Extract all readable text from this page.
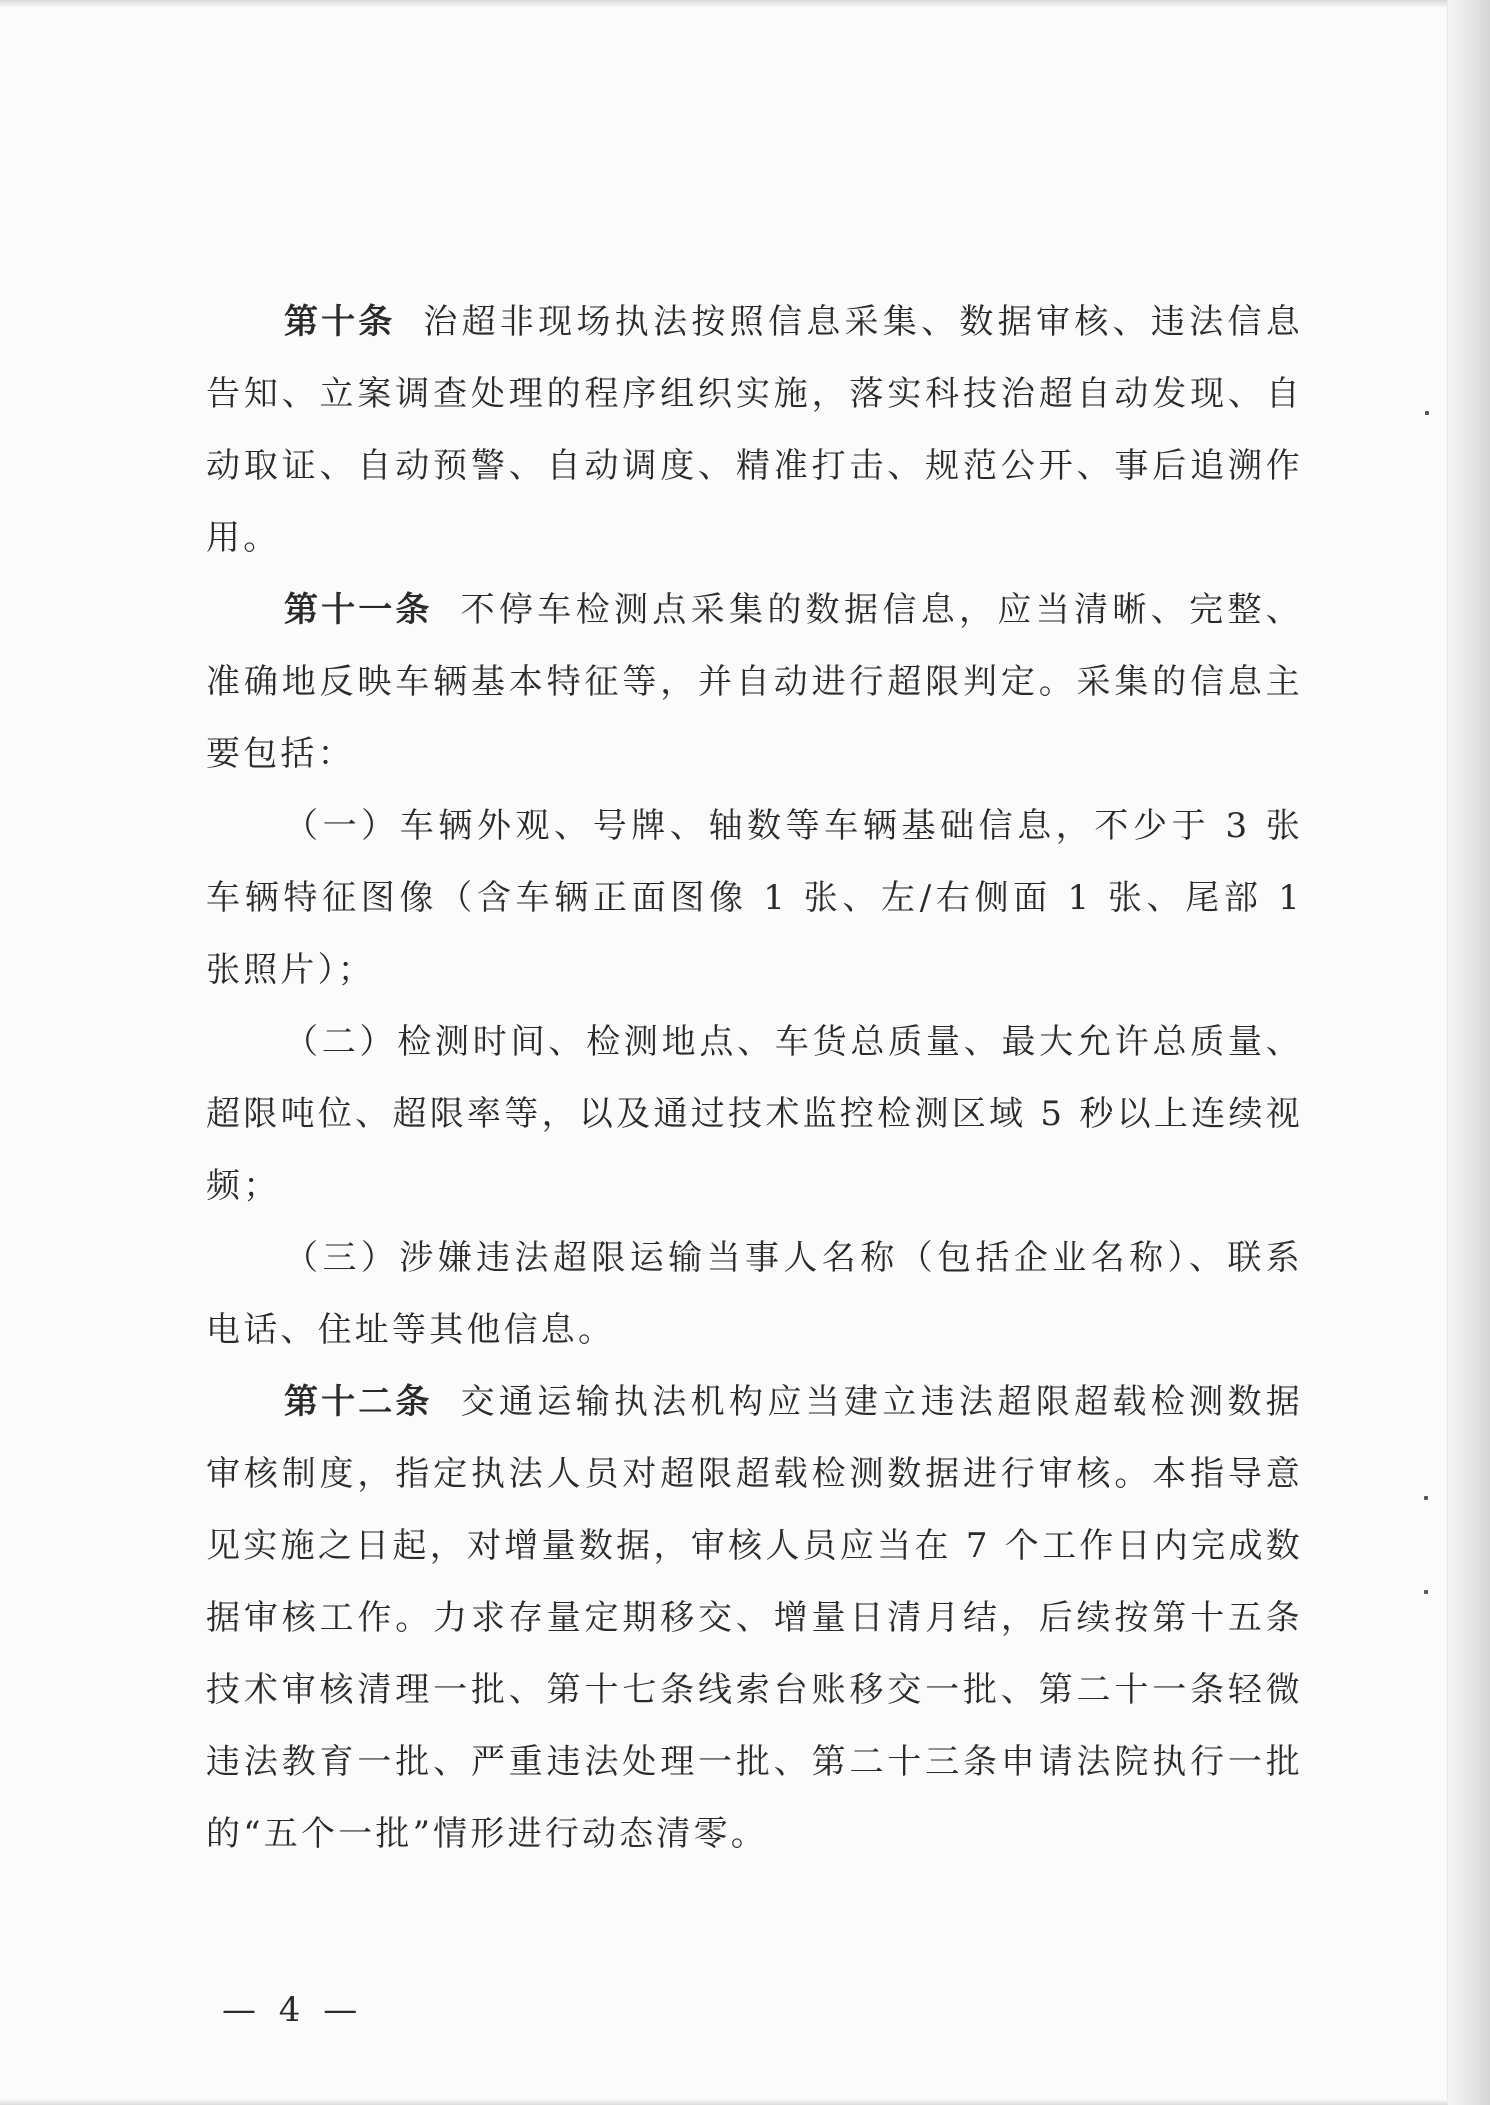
第十条 治超非现场执法按照信息采集、数据审核、违法信息告知、立案调查处理的程序组织实施，落实科技治超自动发现、自动取证、自动预警、自动调度、精准打击、规范公开、事后追溯作用。

第十一条 不停车检测点采集的数据信息，应当清晰、完整、准确地反映车辆基本特征等，并自动进行超限判定。采集的信息主要包括：

（一）车辆外观、号牌、轴数等车辆基础信息，不少于 3 张车辆特征图像（含车辆正面图像 1 张、左/右侧面 1 张、尾部 1 张照片）；

（二）检测时间、检测地点、车货总质量、最大允许总质量、超限吨位、超限率等，以及通过技术监控检测区域 5 秒以上连续视频；

（三）涉嫌违法超限运输当事人名称（包括企业名称）、联系电话、住址等其他信息。

第十二条 交通运输执法机构应当建立违法超限超载检测数据审核制度，指定执法人员对超限超载检测数据进行审核。本指导意见实施之日起，对增量数据，审核人员应当在 7 个工作日内完成数据审核工作。力求存量定期移交、增量日清月结，后续按第十五条技术审核清理一批、第十七条线索台账移交一批、第二十一条轻微违法教育一批、严重违法处理一批、第二十三条申请法院执行一批的“五个一批”情形进行动态清零。

— 4 —
